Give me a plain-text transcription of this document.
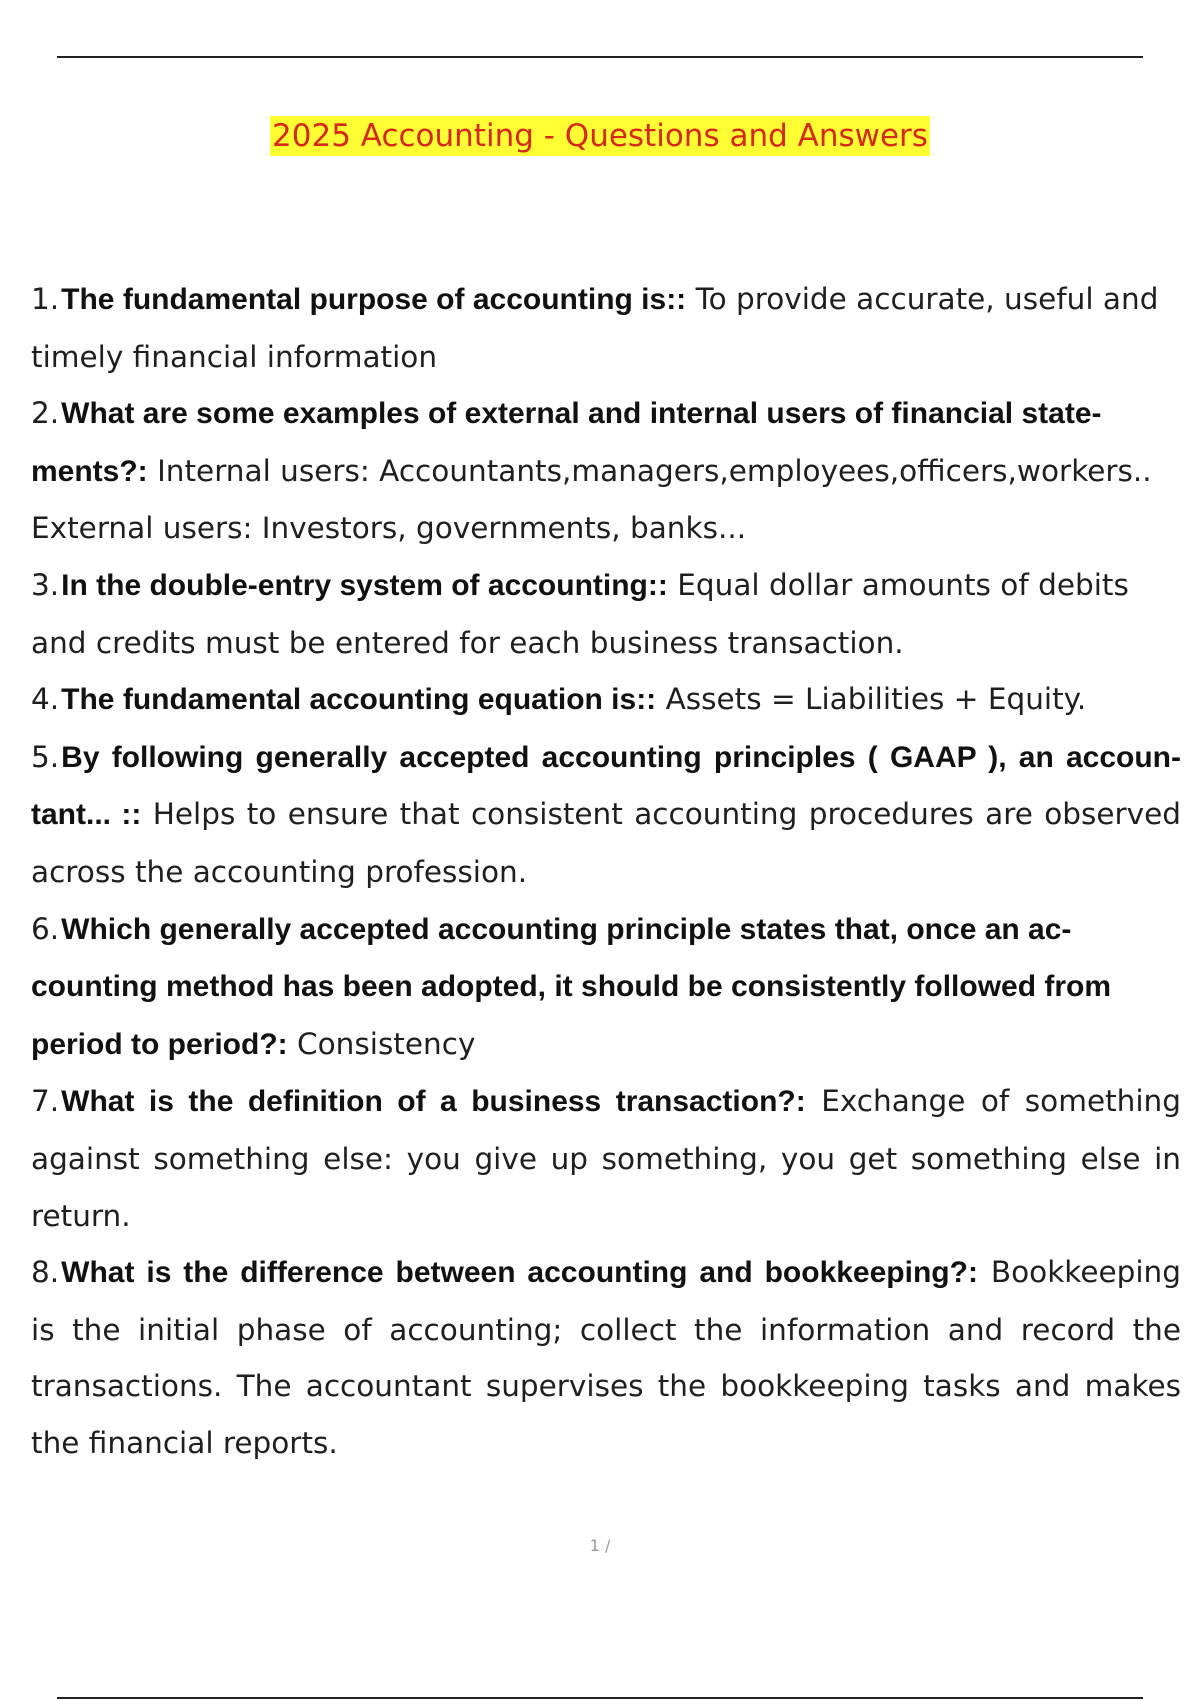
2025 Accounting - Questions and Answers
1.The fundamental purpose of accounting is:: To provide accurate, useful and timely financial information
2.What are some examples of external and internal users of financial state- ments?: Internal users: Accountants,managers,employees,officers,workers.. External users: Investors, governments, banks...
3.In the double-entry system of accounting:: Equal dollar amounts of debits and credits must be entered for each business transaction.
4.The fundamental accounting equation is:: Assets = Liabilities + Equity.
5.By following generally accepted accounting principles ( GAAP ), an accoun- tant... :: Helps to ensure that consistent accounting procedures are observed across the accounting profession.
6.Which generally accepted accounting principle states that, once an ac- counting method has been adopted, it should be consistently followed from period to period?: Consistency
7.What is the definition of a business transaction?: Exchange of something against something else: you give up something, you get something else in return.
8.What is the difference between accounting and bookkeeping?: Bookkeeping is the initial phase of accounting; collect the information and record the transactions. The accountant supervises the bookkeeping tasks and makes the financial reports.
1 /
